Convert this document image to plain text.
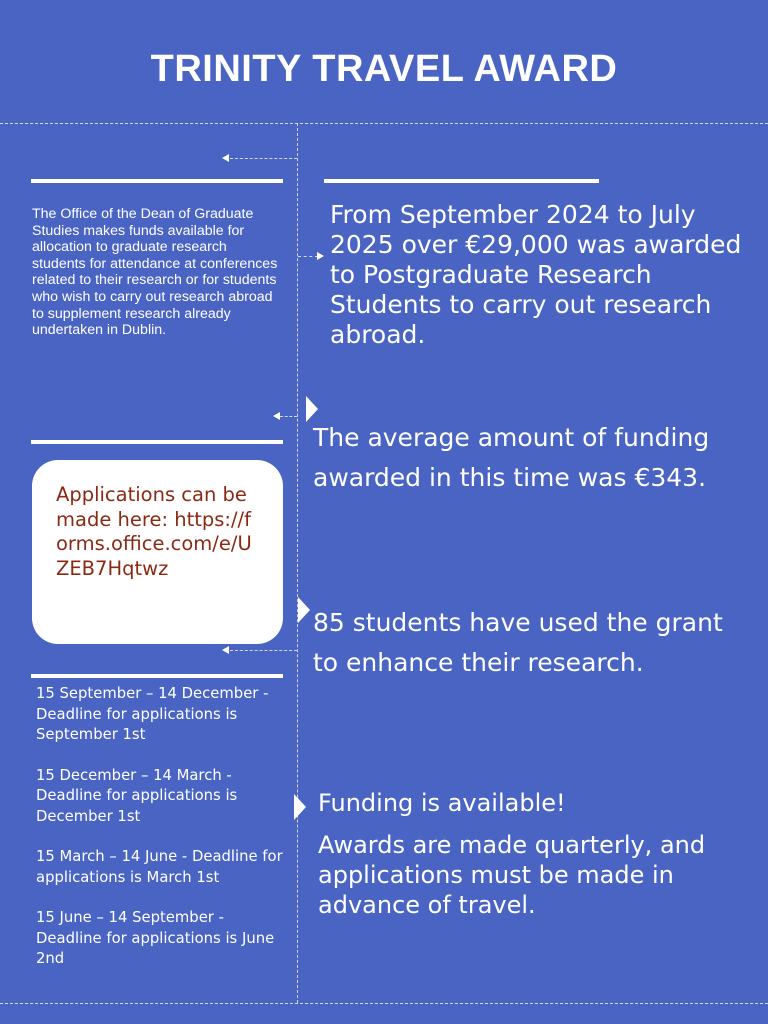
TRINITY TRAVEL AWARD
The Office of the Dean of Graduate Studies makes funds available for allocation to graduate research students for attendance at conferences related to their research or for students who wish to carry out research abroad to supplement research already undertaken in Dublin.
From September 2024 to July 2025 over €29,000 was awarded to Postgraduate Research Students to carry out research abroad.
The average amount of funding awarded in this time was €343.
85 students have used the grant to enhance their research.
Funding is available!
Awards are made quarterly, and applications must be made in advance of travel.
Applications can be made here: https://forms.office.com/e/UZEB7Hqtwz
15 September – 14 December - Deadline for applications is September 1st
15 December – 14 March - Deadline for applications is December 1st
15 March – 14 June - Deadline for applications is March 1st
15 June – 14 September - Deadline for applications is June 2nd
